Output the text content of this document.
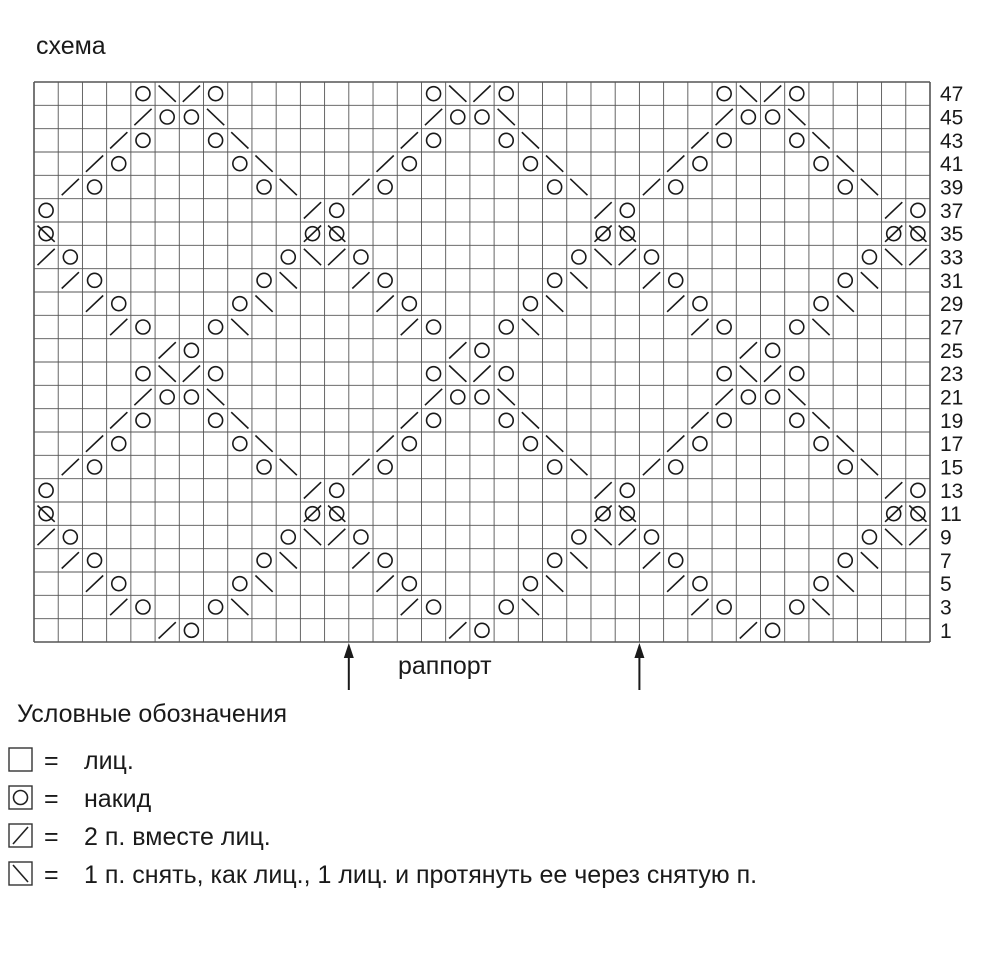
схема
1
3
5
7
9
11
13
15
17
19
21
23
25
27
29
31
33
35
37
39
41
43
45
47
раппорт
Условные обозначения
= лиц.
= накид
= 2 п. вместе лиц.
= 1 п. снять, как лиц., 1 лиц. и протянуть ее через снятую п.
